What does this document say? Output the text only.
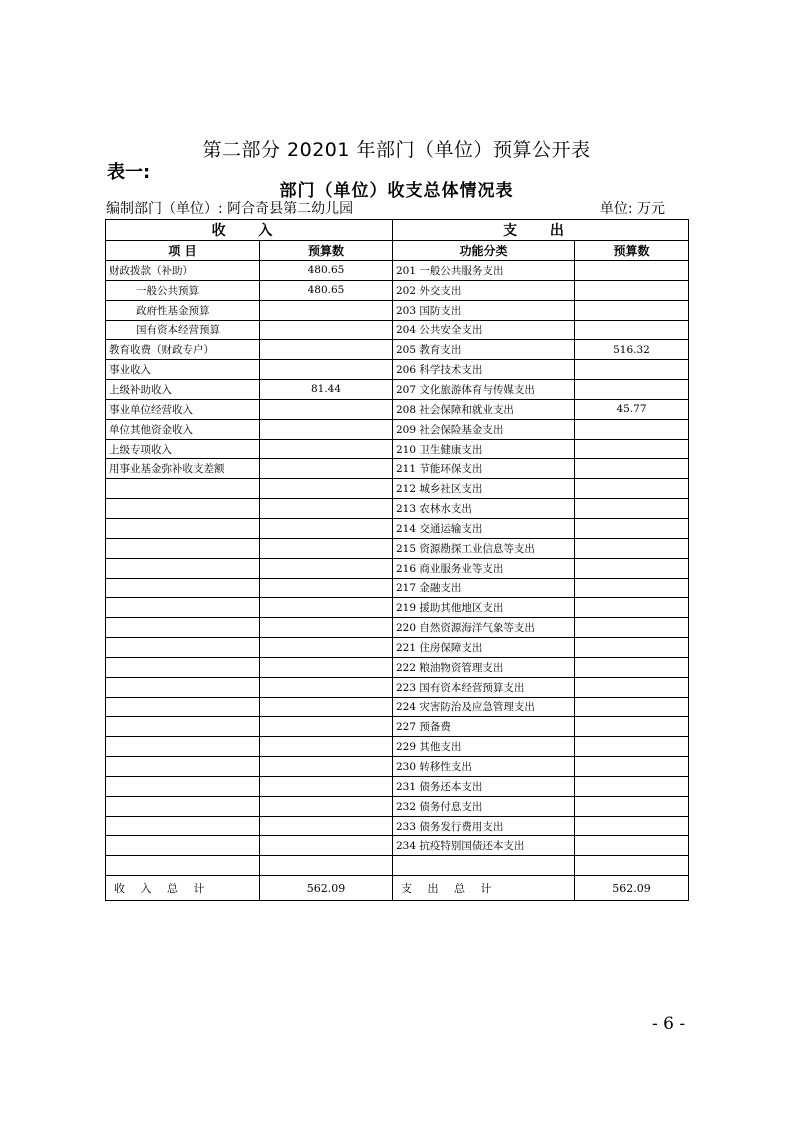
第二部分 20201 年部门（单位）预算公开表
表一:
部门（单位）收支总体情况表
编制部门（单位）: 阿合奇县第二幼儿园	单位: 万元
收 入		支 出	
项 目	预算数	功能分类	预算数
财政拨款（补助）	480.65	201 一般公共服务支出	
一般公共预算	480.65	202 外交支出	
政府性基金预算		203 国防支出	
国有资本经营预算		204 公共安全支出	
教育收费（财政专户）		205 教育支出	516.32
事业收入		206 科学技术支出	
上级补助收入	81.44	207 文化旅游体育与传媒支出	
事业单位经营收入		208 社会保障和就业支出	45.77
单位其他资金收入		209 社会保险基金支出	
上级专项收入		210 卫生健康支出	
用事业基金弥补收支差额		211 节能环保支出	
		212 城乡社区支出	
		213 农林水支出	
		214 交通运输支出	
		215 资源勘探工业信息等支出	
		216 商业服务业等支出	
		217 金融支出	
		219 援助其他地区支出	
		220 自然资源海洋气象等支出	
		221 住房保障支出	
		222 粮油物资管理支出	
		223 国有资本经营预算支出	
		224 灾害防治及应急管理支出	
		227 预备费	
		229 其他支出	
		230 转移性支出	
		231 债务还本支出	
		232 债务付息支出	
		233 债务发行费用支出	
		234 抗疫特别国债还本支出	

收 入 总 计	562.09	支 出 总 计	562.09
- 6 -
